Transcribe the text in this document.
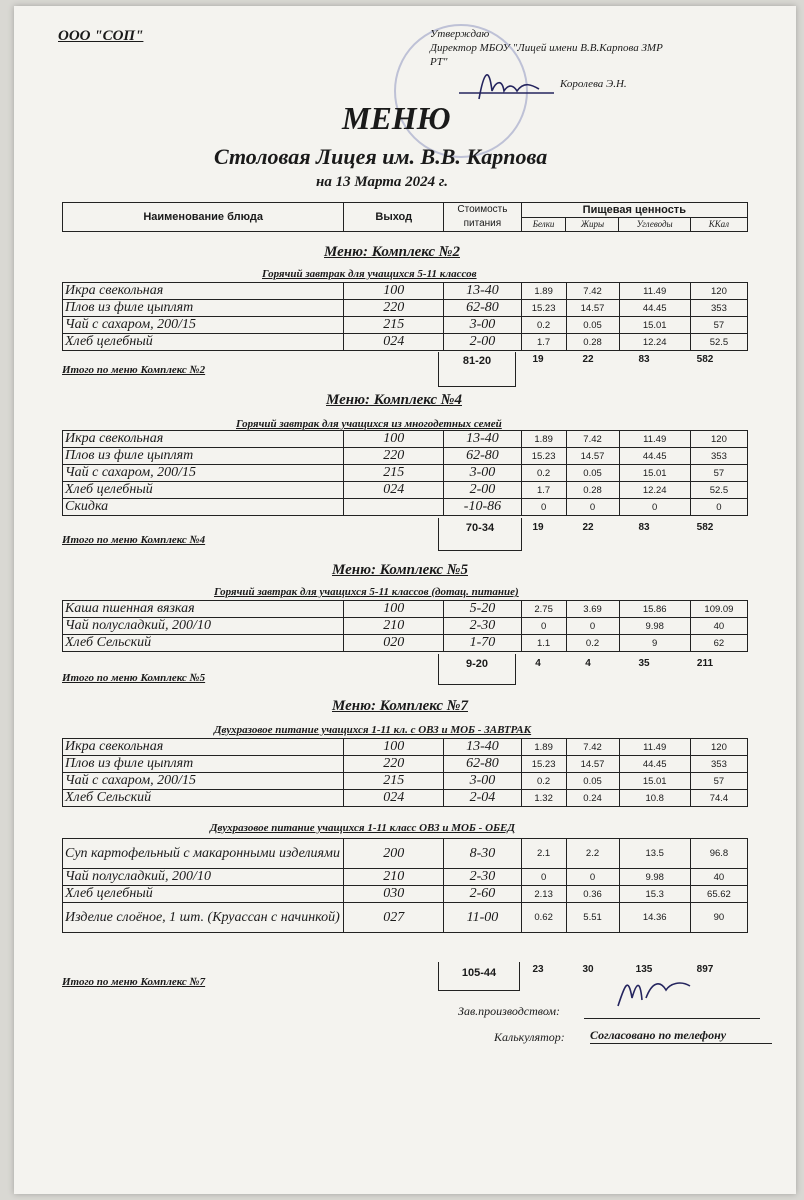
ООО "СОП"	Утверждаю
Директор МБОУ "Лицей имени В.В.Карпова ЗМР
РТ"
Королева Э.Н.
МЕНЮ
Столовая Лицея им. В.В. Карпова
на 13 Марта 2024 г.
Наименование блюда	Выход	Стоимость
питания	Пищевая ценность			
			Белки	Жиры	Углеводы	ККал
Меню: Комплекс №2
Горячий завтрак для учащихся 5-11 классов
Икра свекольная	100	13-40	1.89	7.42	11.49	120
Плов из филе цыплят	220	62-80	15.23	14.57	44.45	353
Чай с сахаром, 200/15	215	3-00	0.2	0.05	15.01	57
Хлеб целебный	024	2-00	1.7	0.28	12.24	52.5
Итого по меню Комплекс №2
81-20	19	22	83	582
Меню: Комплекс №4
Горячий завтрак для учащихся из многодетных семей
Икра свекольная	100	13-40	1.89	7.42	11.49	120
Плов из филе цыплят	220	62-80	15.23	14.57	44.45	353
Чай с сахаром, 200/15	215	3-00	0.2	0.05	15.01	57
Хлеб целебный	024	2-00	1.7	0.28	12.24	52.5
Скидка		-10-86	0	0	0	0
Итого по меню Комплекс №4
70-34	19	22	83	582
Меню: Комплекс №5
Горячий завтрак для учащихся 5-11 классов (дотац. питание)
Каша пшенная вязкая	100	5-20	2.75	3.69	15.86	109.09
Чай полусладкий, 200/10	210	2-30	0	0	9.98	40
Хлеб Сельский	020	1-70	1.1	0.2	9	62
Итого по меню Комплекс №5
9-20	4	4	35	211
Меню: Комплекс №7
Двухразовое питание учащихся 1-11 кл. с ОВЗ и МОБ - ЗАВТРАК
Икра свекольная	100	13-40	1.89	7.42	11.49	120
Плов из филе цыплят	220	62-80	15.23	14.57	44.45	353
Чай с сахаром, 200/15	215	3-00	0.2	0.05	15.01	57
Хлеб Сельский	024	2-04	1.32	0.24	10.8	74.4
Двухразовое питание учащихся 1-11 класс ОВЗ и МОБ - ОБЕД
Суп картофельный с макаронными изделиями	200	8-30	2.1	2.2	13.5	96.8
Чай полусладкий, 200/10	210	2-30	0	0	9.98	40
Хлеб целебный	030	2-60	2.13	0.36	15.3	65.62
Изделие слоёное, 1 шт. (Круассан с начинкой)	027	11-00	0.62	5.51	14.36	90
Итого по меню Комплекс №7
105-44	23	30	135	897
Зав.производством:
Калькулятор: Согласовано по телефону
